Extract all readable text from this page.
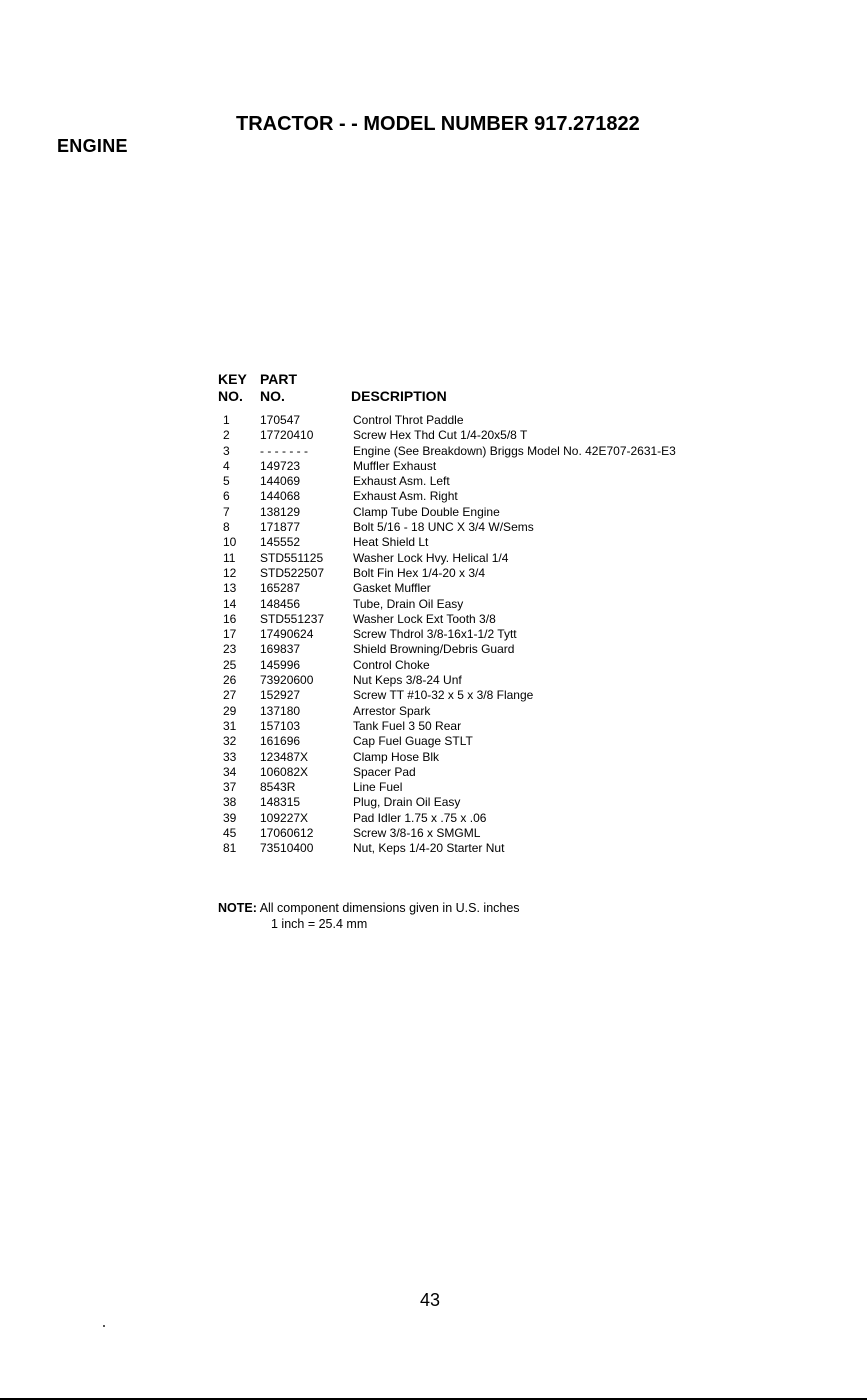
ENGINE
TRACTOR - - MODEL NUMBER 917.271822
KEY
NO.
PART
NO.	DESCRIPTION
1	170547	Control Throt Paddle
2	17720410	Screw Hex Thd Cut 1/4-20x5/8 T
3	- - - - - - -	Engine (See Breakdown) Briggs Model No. 42E707-2631-E3
4	149723	Muffler Exhaust
5	144069	Exhaust Asm. Left
6	144068	Exhaust Asm. Right
7	138129	Clamp Tube Double Engine
8	171877	Bolt 5/16 - 18 UNC X 3/4 W/Sems
10 145552	Heat Shield Lt
11 STD551125 Washer Lock Hvy. Helical 1/4
12 STD522507 Bolt Fin Hex 1/4-20 x 3/4
13 165287	Gasket Muffler
14 148456	Tube, Drain Oil Easy
16 STD551237 Washer Lock Ext Tooth 3/8
17 17490624	Screw Thdrol 3/8-16x1-1/2 Tytt
23 169837	Shield Browning/Debris Guard
25 145996	Control Choke
26 73920600	Nut Keps 3/8-24 Unf
27 152927	Screw TT #10-32 x 5 x 3/8 Flange
29 137180	Arrestor Spark
31 157103	Tank Fuel 3 50 Rear
32 161696	Cap Fuel Guage STLT
33 123487X	Clamp Hose Blk
34 106082X	Spacer Pad
37 8543R	Line Fuel
38 148315	Plug, Drain Oil Easy
39 109227X	Pad Idler 1.75 x .75 x .06
45 17060612	Screw 3/8-16 x SMGML
81 73510400	Nut, Keps 1/4-20 Starter Nut
NOTE: All component dimensions given in U.S. inches
1 inch = 25.4 mm
43
